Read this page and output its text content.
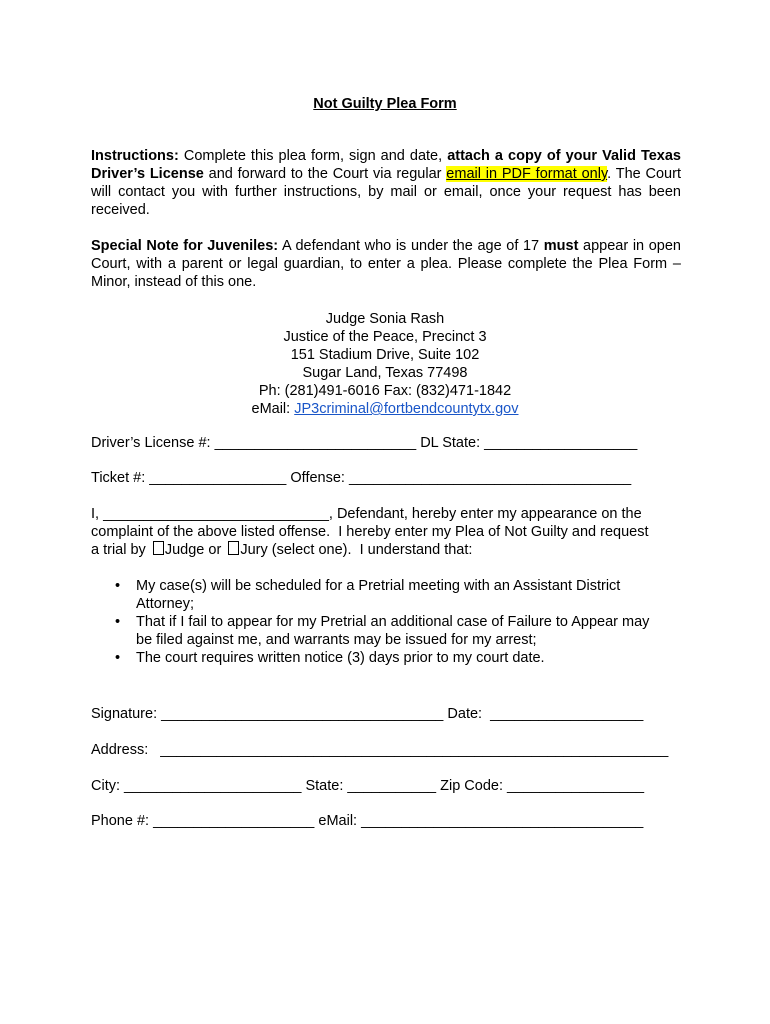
Not Guilty Plea Form
Instructions: Complete this plea form, sign and date, attach a copy of your Valid Texas Driver’s License and forward to the Court via regular email in PDF format only. The Court will contact you with further instructions, by mail or email, once your request has been received.
Special Note for Juveniles: A defendant who is under the age of 17 must appear in open Court, with a parent or legal guardian, to enter a plea. Please complete the Plea Form – Minor, instead of this one.
Judge Sonia Rash
Justice of the Peace, Precinct 3
151 Stadium Drive, Suite 102
Sugar Land, Texas 77498
Ph: (281)491-6016 Fax: (832)471-1842
eMail: JP3criminal@fortbendcountytx.gov
Driver’s License #: _________________________ DL State: ___________________
Ticket #: _________________ Offense: ___________________________________
I, ____________________________, Defendant, hereby enter my appearance on the
complaint of the above listed offense.  I hereby enter my Plea of Not Guilty and request
a trial by Judge or Jury (select one).  I understand that:
• My case(s) will be scheduled for a Pretrial meeting with an Assistant District
Attorney;
• That if I fail to appear for my Pretrial an additional case of Failure to Appear may
be filed against me, and warrants may be issued for my arrest;
• The court requires written notice (3) days prior to my court date.
Signature: ___________________________________ Date:  ___________________
Address:   _______________________________________________________________
City: ______________________ State: ___________ Zip Code: _________________
Phone #: ____________________ eMail: ___________________________________
